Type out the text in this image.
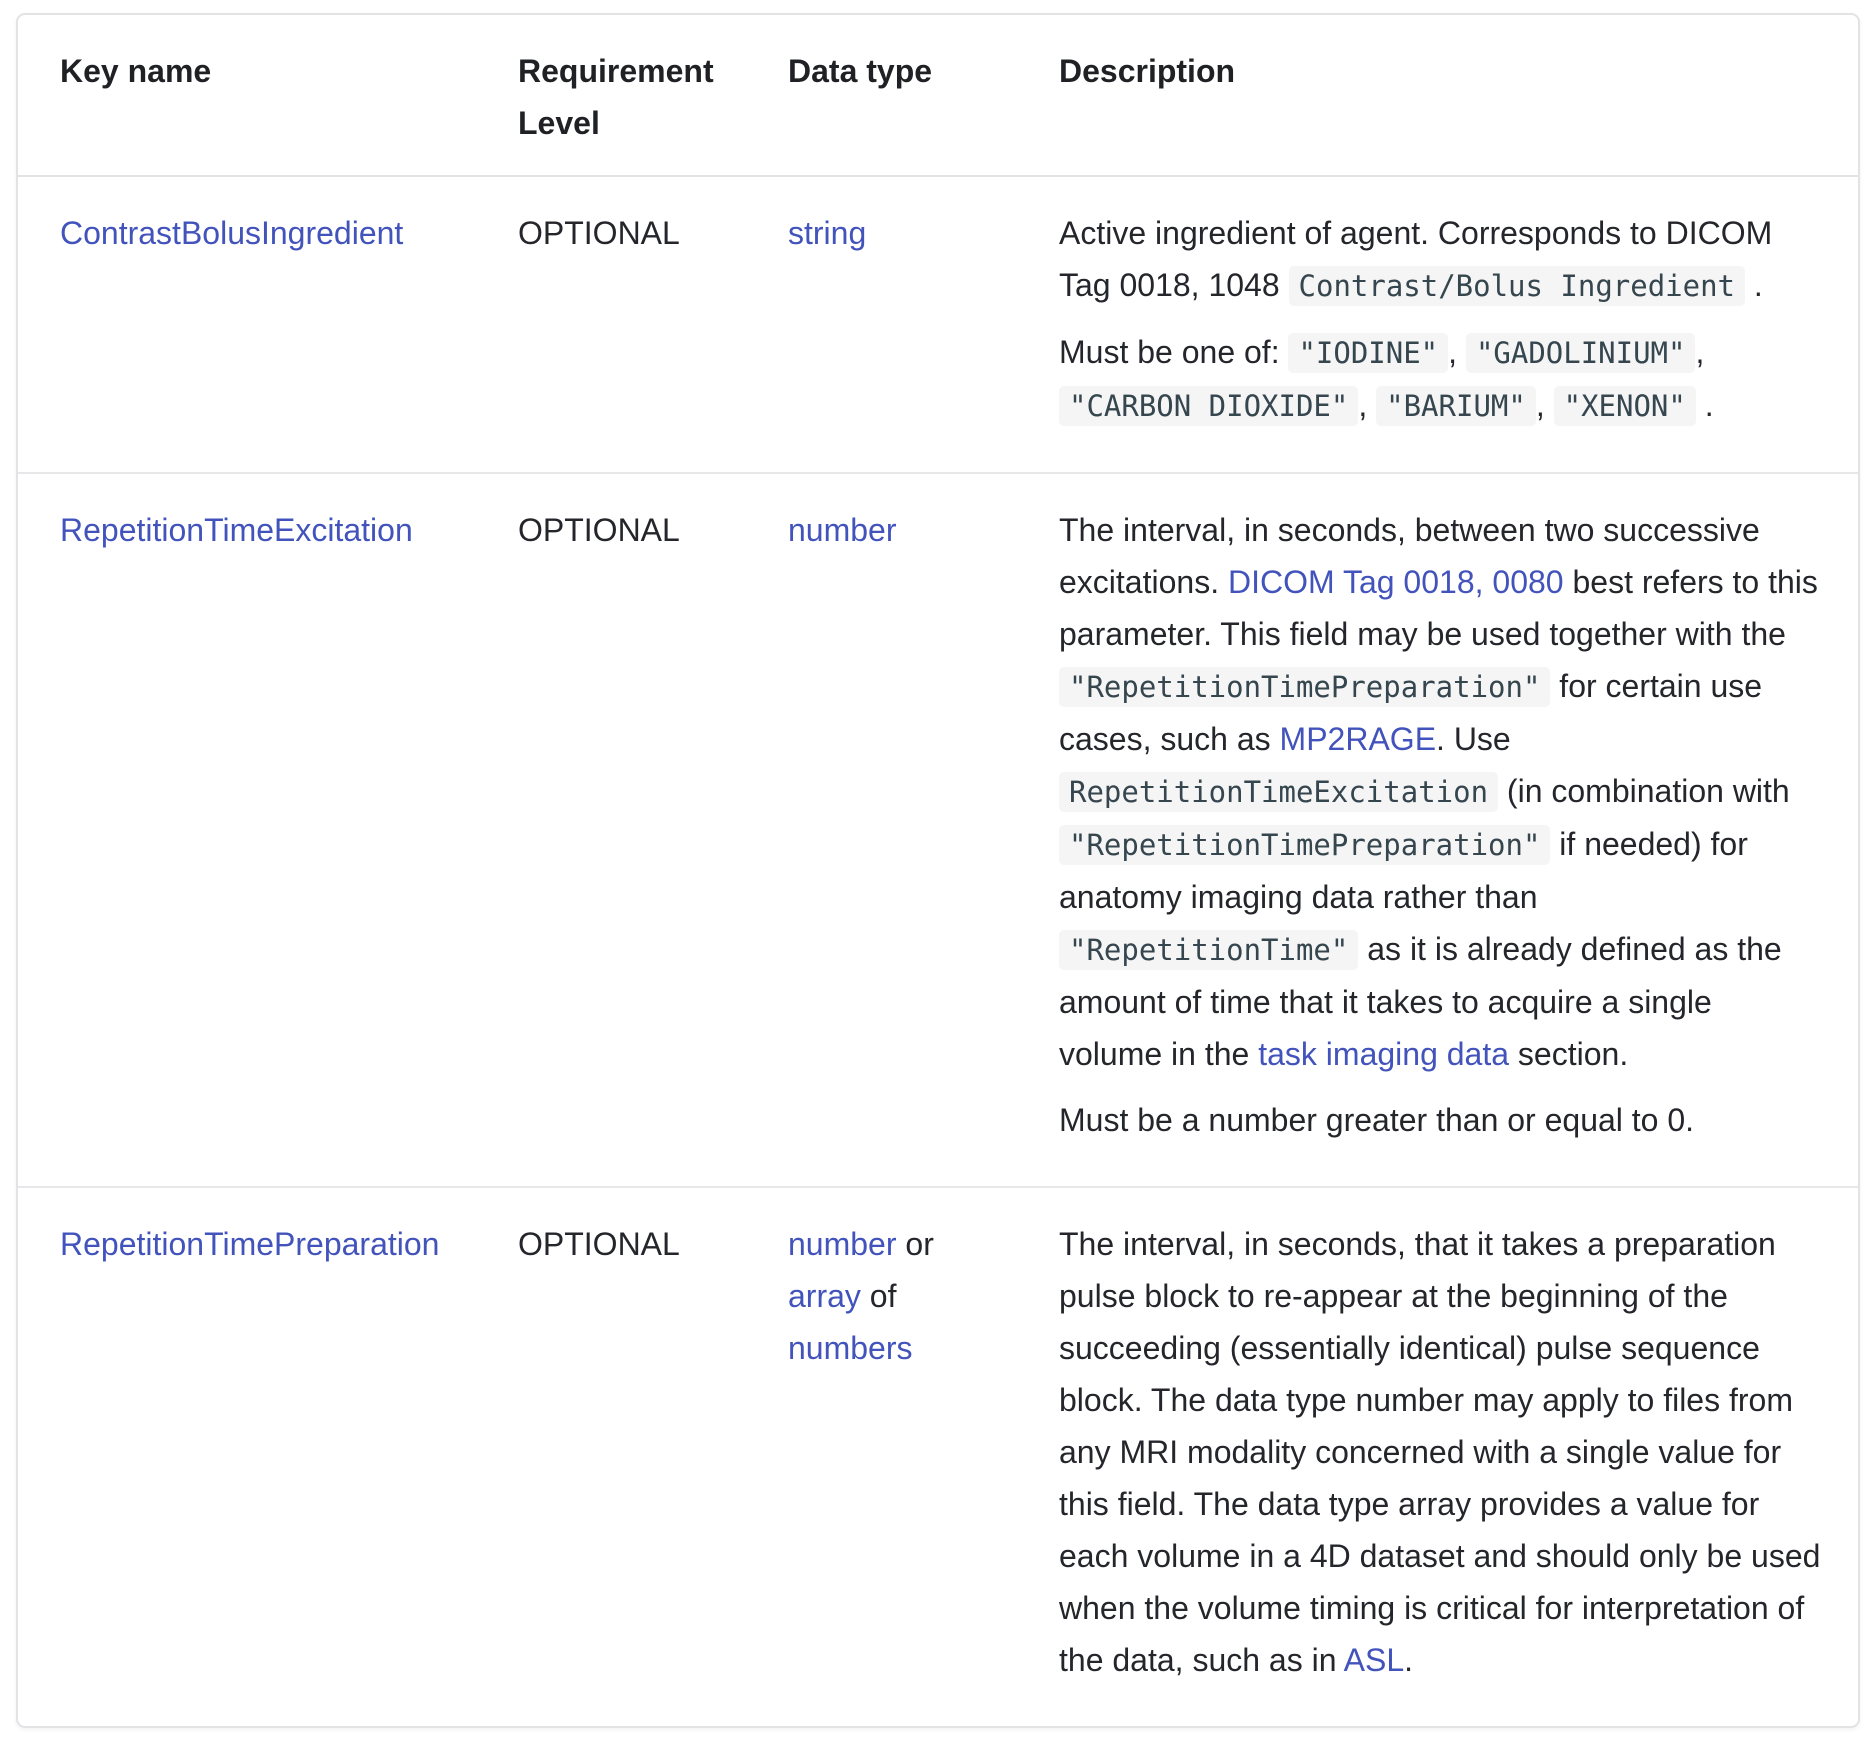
Key name	Requirement Level	Data type	Description

ContrastBolusIngredient	OPTIONAL	string	Active ingredient of agent. Corresponds to DICOM Tag 0018, 1048 Contrast/Bolus Ingredient .

Must be one of: "IODINE" , "GADOLINIUM" , "CARBON DIOXIDE" , "BARIUM" , "XENON" .

RepetitionTimeExcitation	OPTIONAL	number	The interval, in seconds, between two successive excitations. DICOM Tag 0018, 0080 best refers to this parameter. This field may be used together with the "RepetitionTimePreparation" for certain use cases, such as MP2RAGE. Use RepetitionTimeExcitation (in combination with "RepetitionTimePreparation" if needed) for anatomy imaging data rather than "RepetitionTime" as it is already defined as the amount of time that it takes to acquire a single volume in the task imaging data section.

Must be a number greater than or equal to 0.

RepetitionTimePreparation	OPTIONAL	number or array of numbers	The interval, in seconds, that it takes a preparation pulse block to re-appear at the beginning of the succeeding (essentially identical) pulse sequence block. The data type number may apply to files from any MRI modality concerned with a single value for this field. The data type array provides a value for each volume in a 4D dataset and should only be used when the volume timing is critical for interpretation of the data, such as in ASL.
